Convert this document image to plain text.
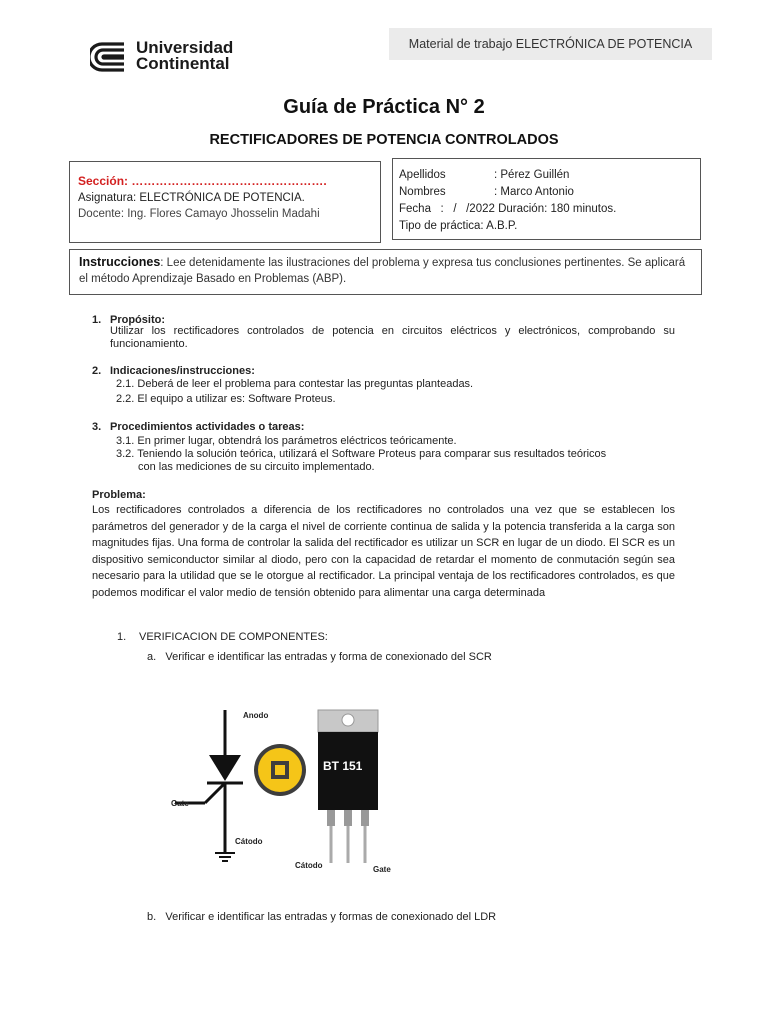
Universidad
Continental
Material de trabajo ELECTRÓNICA DE POTENCIA
Guía de Práctica N° 2
RECTIFICADORES DE POTENCIA CONTROLADOS
Sección: ………………………………………….
Asignatura: ELECTRÓNICA DE POTENCIA.
Docente: Ing. Flores Camayo Jhosselin Madahi
Apellidos	: Pérez Guillén
Nombres	: Marco Antonio
Fecha   :   /   /2022 Duración: 180 minutos.
Tipo de práctica: A.B.P.
Instrucciones: Lee detenidamente las ilustraciones del problema y expresa tus conclusiones pertinentes. Se aplicará el método Aprendizaje Basado en Problemas (ABP).
1. Propósito:
Utilizar los rectificadores controlados de potencia en circuitos eléctricos y electrónicos, comprobando su funcionamiento.
2. Indicaciones/instrucciones:
2.1. Deberá de leer el problema para contestar las preguntas planteadas.
2.2. El equipo a utilizar es: Software Proteus.
3. Procedimientos actividades o tareas:
3.1. En primer lugar, obtendrá los parámetros eléctricos teóricamente.
3.2. Teniendo la solución teórica, utilizará el Software Proteus para comparar sus resultados teóricos
con las mediciones de su circuito implementado.
Problema:
Los rectificadores controlados a diferencia de los rectificadores no controlados una vez que se establecen los parámetros del generador y de la carga el nivel de corriente continua de salida y la potencia transferida a la carga son magnitudes fijas. Una forma de controlar la salida del rectificador es utilizar un SCR en lugar de un diodo. El SCR es un dispositivo semiconductor similar al diodo, pero con la capacidad de retardar el momento de conmutación según sea necesario para la utilidad que se le otorgue al rectificador. La principal ventaja de los rectificadores controlados, es que podemos modificar el valor medio de tensión obtenido para alimentar una carga determinada
1. VERIFICACION DE COMPONENTES:
a.   Verificar e identificar las entradas y forma de conexionado del SCR
Anodo
Gate
Cátodo
BT 151
Cátodo	Gate
b.   Verificar e identificar las entradas y formas de conexionado del LDR
